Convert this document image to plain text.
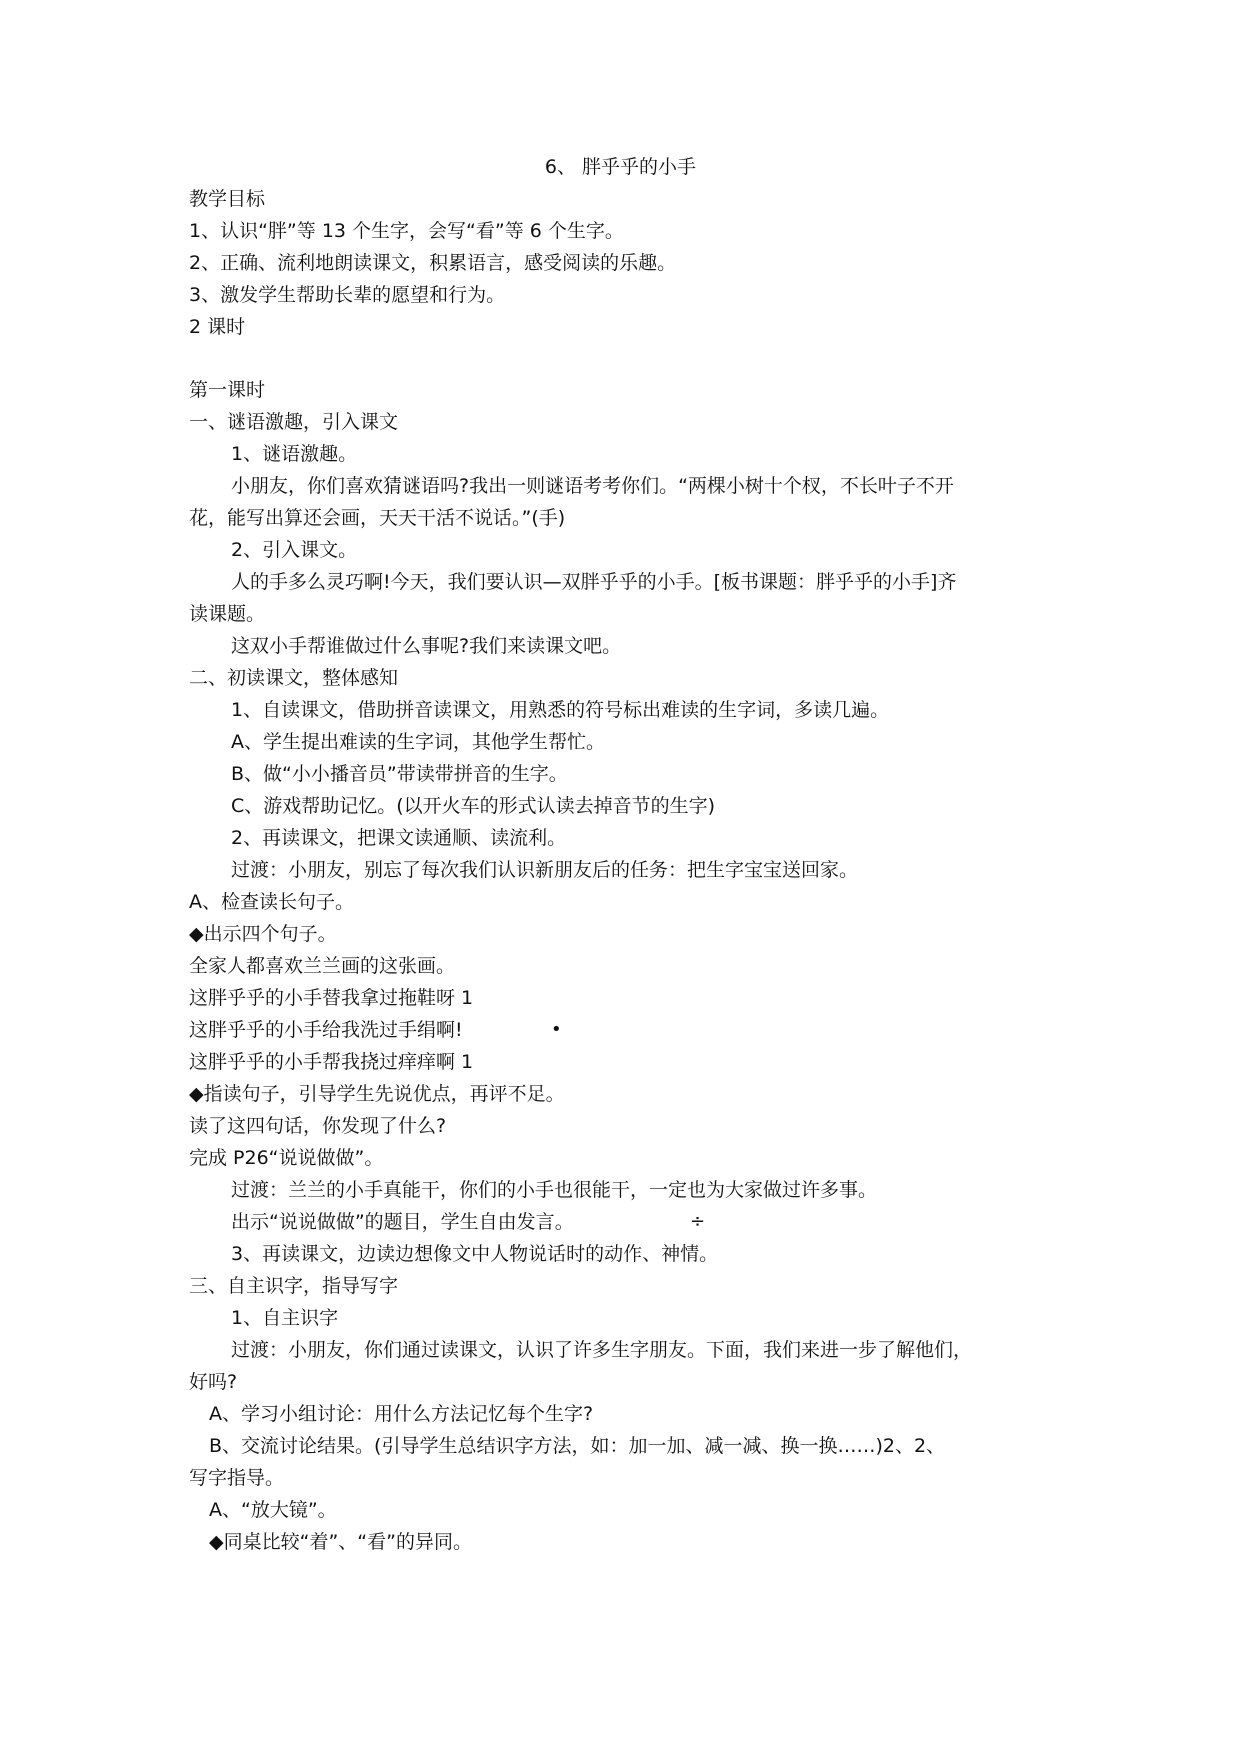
6、 胖乎乎的小手
教学目标
1、认识“胖”等 13 个生字，会写“看”等 6 个生字。
2、正确、流利地朗读课文，积累语言，感受阅读的乐趣。
3、激发学生帮助长辈的愿望和行为。
2 课时
第一课时
一、谜语激趣，引入课文
1、谜语激趣。
小朋友，你们喜欢猜谜语吗?我出一则谜语考考你们。“两棵小树十个杈，不长叶子不开
花，能写出算还会画，天天干活不说话。”(手)
2、引入课文。
人的手多么灵巧啊!今天，我们要认识—双胖乎乎的小手。[板书课题：胖乎乎的小手]齐
读课题。
这双小手帮谁做过什么事呢?我们来读课文吧。
二、初读课文，整体感知
1、自读课文，借助拼音读课文，用熟悉的符号标出难读的生字词，多读几遍。
A、学生提出难读的生字词，其他学生帮忙。
B、做“小小播音员”带读带拼音的生字。
C、游戏帮助记忆。(以开火车的形式认读去掉音节的生字)
2、再读课文，把课文读通顺、读流利。
过渡：小朋友，别忘了每次我们认识新朋友后的任务：把生字宝宝送回家。
A、检查读长句子。
◆出示四个句子。
全家人都喜欢兰兰画的这张画。
这胖乎乎的小手替我拿过拖鞋呀 1
这胖乎乎的小手给我洗过手绢啊!	•
这胖乎乎的小手帮我挠过痒痒啊 1
◆指读句子，引导学生先说优点，再评不足。
读了这四句话，你发现了什么?
完成 P26“说说做做”。
过渡：兰兰的小手真能干，你们的小手也很能干，一定也为大家做过许多事。
出示“说说做做”的题目，学生自由发言。	÷
3、再读课文，边读边想像文中人物说话时的动作、神情。
三、自主识字，指导写字
1、自主识字
过渡：小朋友，你们通过读课文，认识了许多生字朋友。下面，我们来进一步了解他们，
好吗?
A、学习小组讨论：用什么方法记忆每个生字?
B、交流讨论结果。(引导学生总结识字方法，如：加一加、减一减、换一换……)2、2、
写字指导。
A、“放大镜”。
◆同桌比较“着”、“看”的异同。
